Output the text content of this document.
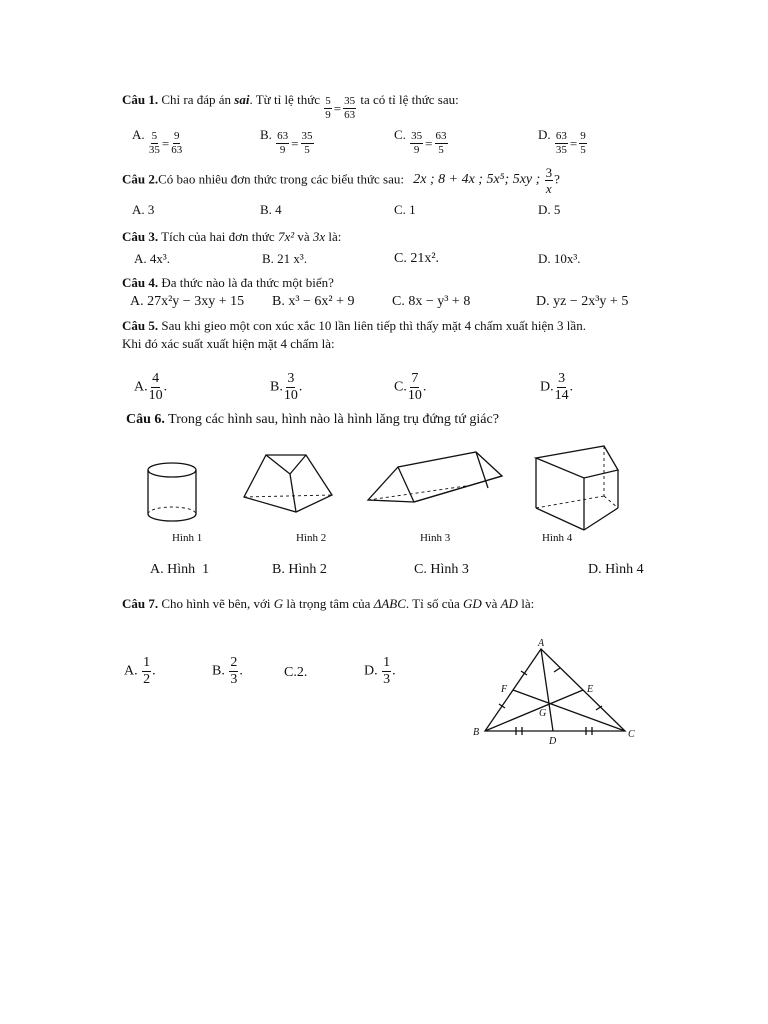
Câu 1. Chỉ ra đáp án sai. Từ tỉ lệ thức $\frac{5}{9} = \frac{35}{63}$ ta có tỉ lệ thức sau:
A. $\frac{5}{35} = \frac{9}{63}$	B. $\frac{63}{9} = \frac{35}{5}$	C. $\frac{35}{9} = \frac{63}{5}$	D. $\frac{63}{35} = \frac{9}{5}$
Câu 2.Có bao nhiêu đơn thức trong các biểu thức sau: 2x ; 8 + 4x ; 5x⁵; 5xy ; $\frac{3}{x}$ ?
A. 3	B. 4	C. 1	D. 5
Câu 3. Tích của hai đơn thức 7x² và 3x là:
A. 4x³.	B. 21 x³.	C. 21x².	D. 10x³.
Câu 4. Đa thức nào là đa thức một biến?
A. 27x²y − 3xy + 15 B. x³ − 6x² + 9	C. 8x − y³ + 8	D. yz − 2x³y + 5
Câu 5. Sau khi gieo một con xúc xắc 10 lần liên tiếp thì thấy mặt 4 chấm xuất hiện 3 lần.
Khi đó xác suất xuất hiện mặt 4 chấm là:
A. $\frac{4}{10}$ .	B. $\frac{3}{10}$ .	C. $\frac{7}{10}$ .	D. $\frac{3}{14}$ .
Câu 6. Trong các hình sau, hình nào là hình lăng trụ đứng tứ giác?
Hình 1	Hình 2	Hình 3	Hình 4
A. Hình  1	B. Hình 2	C. Hình 3	D. Hình 4
Câu 7. Cho hình vẽ bên, với G là trọng tâm của ΔABC. Tỉ số của GD và AD là:
A. $\frac{1}{2}$ .	B. $\frac{2}{3}$ .	C.2.	D. $\frac{1}{3}$ .
A
B	C
D
E
F
G
